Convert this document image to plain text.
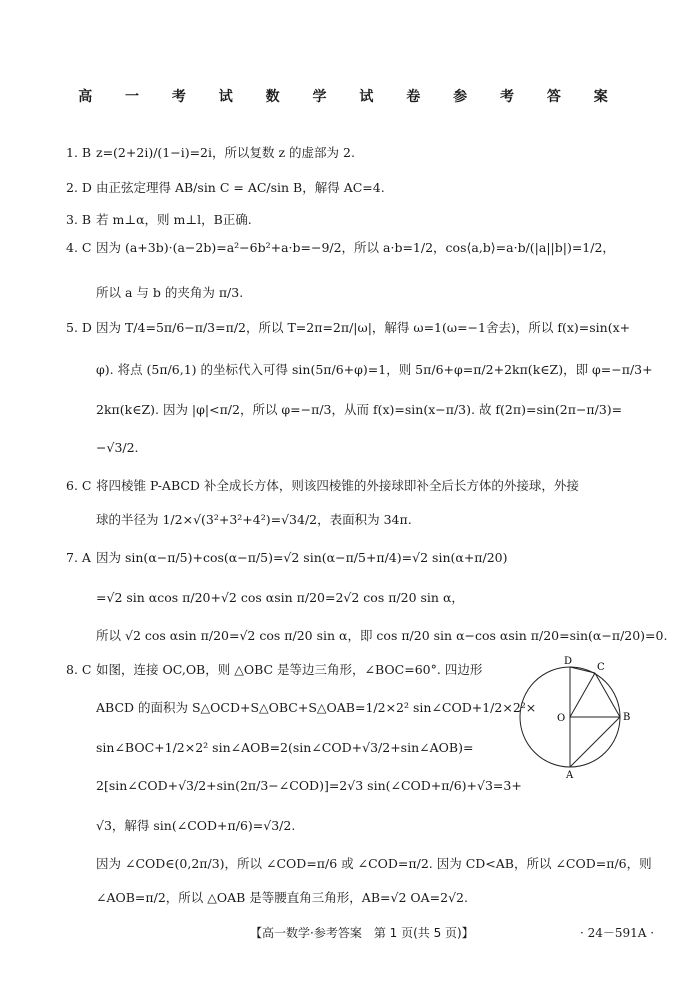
高 一 考 试 数 学 试 卷 参 考 答 案
1. B z=(2+2i)/(1−i)=2i，所以复数 z 的虚部为 2.
2. D 由正弦定理得 AB/sin C = AC/sin B，解得 AC=4.
3. B 若 m⊥α，则 m⊥l，B正确.
4. C 因为 (a+3b)·(a−2b)=a²−6b²+a·b=−9/2，所以 a·b=1/2，cos⟨a,b⟩=a·b/(|a||b|)=1/2，
所以 a 与 b 的夹角为 π/3.
5. D 因为 T/4=5π/6−π/3=π/2，所以 T=2π=2π/|ω|，解得 ω=1(ω=−1舍去)，所以 f(x)=sin(x+
φ). 将点 (5π/6,1) 的坐标代入可得 sin(5π/6+φ)=1，则 5π/6+φ=π/2+2kπ(k∈Z)，即 φ=−π/3+
2kπ(k∈Z). 因为 |φ|<π/2，所以 φ=−π/3，从而 f(x)=sin(x−π/3). 故 f(2π)=sin(2π−π/3)=
−√3/2.
6. C 将四棱锥 P-ABCD 补全成长方体，则该四棱锥的外接球即补全后长方体的外接球，外接
球的半径为 1/2×√(3²+3²+4²)=√34/2，表面积为 34π.
7. A 因为 sin(α−π/5)+cos(α−π/5)=√2 sin(α−π/5+π/4)=√2 sin(α+π/20)
=√2 sin αcos π/20+√2 cos αsin π/20=2√2 cos π/20 sin α，
所以 √2 cos αsin π/20=√2 cos π/20 sin α，即 cos π/20 sin α−cos αsin π/20=sin(α−π/20)=0.
8. C 如图，连接 OC,OB，则 △OBC 是等边三角形，∠BOC=60°. 四边形
ABCD 的面积为 S△OCD+S△OBC+S△OAB=1/2×2² sin∠COD+1/2×2²×
sin∠BOC+1/2×2² sin∠AOB=2(sin∠COD+√3/2+sin∠AOB)=
2[sin∠COD+√3/2+sin(2π/3−∠COD)]=2√3 sin(∠COD+π/6)+√3=3+
√3，解得 sin(∠COD+π/6)=√3/2.
因为 ∠COD∈(0,2π/3)，所以 ∠COD=π/6 或 ∠COD=π/2. 因为 CD<AB，所以 ∠COD=π/6，则
∠AOB=π/2，所以 △OAB 是等腰直角三角形，AB=√2 OA=2√2.
D
C
O	B
A
【高一数学·参考答案　第 1 页(共 5 页)】	· 24－591A ·
